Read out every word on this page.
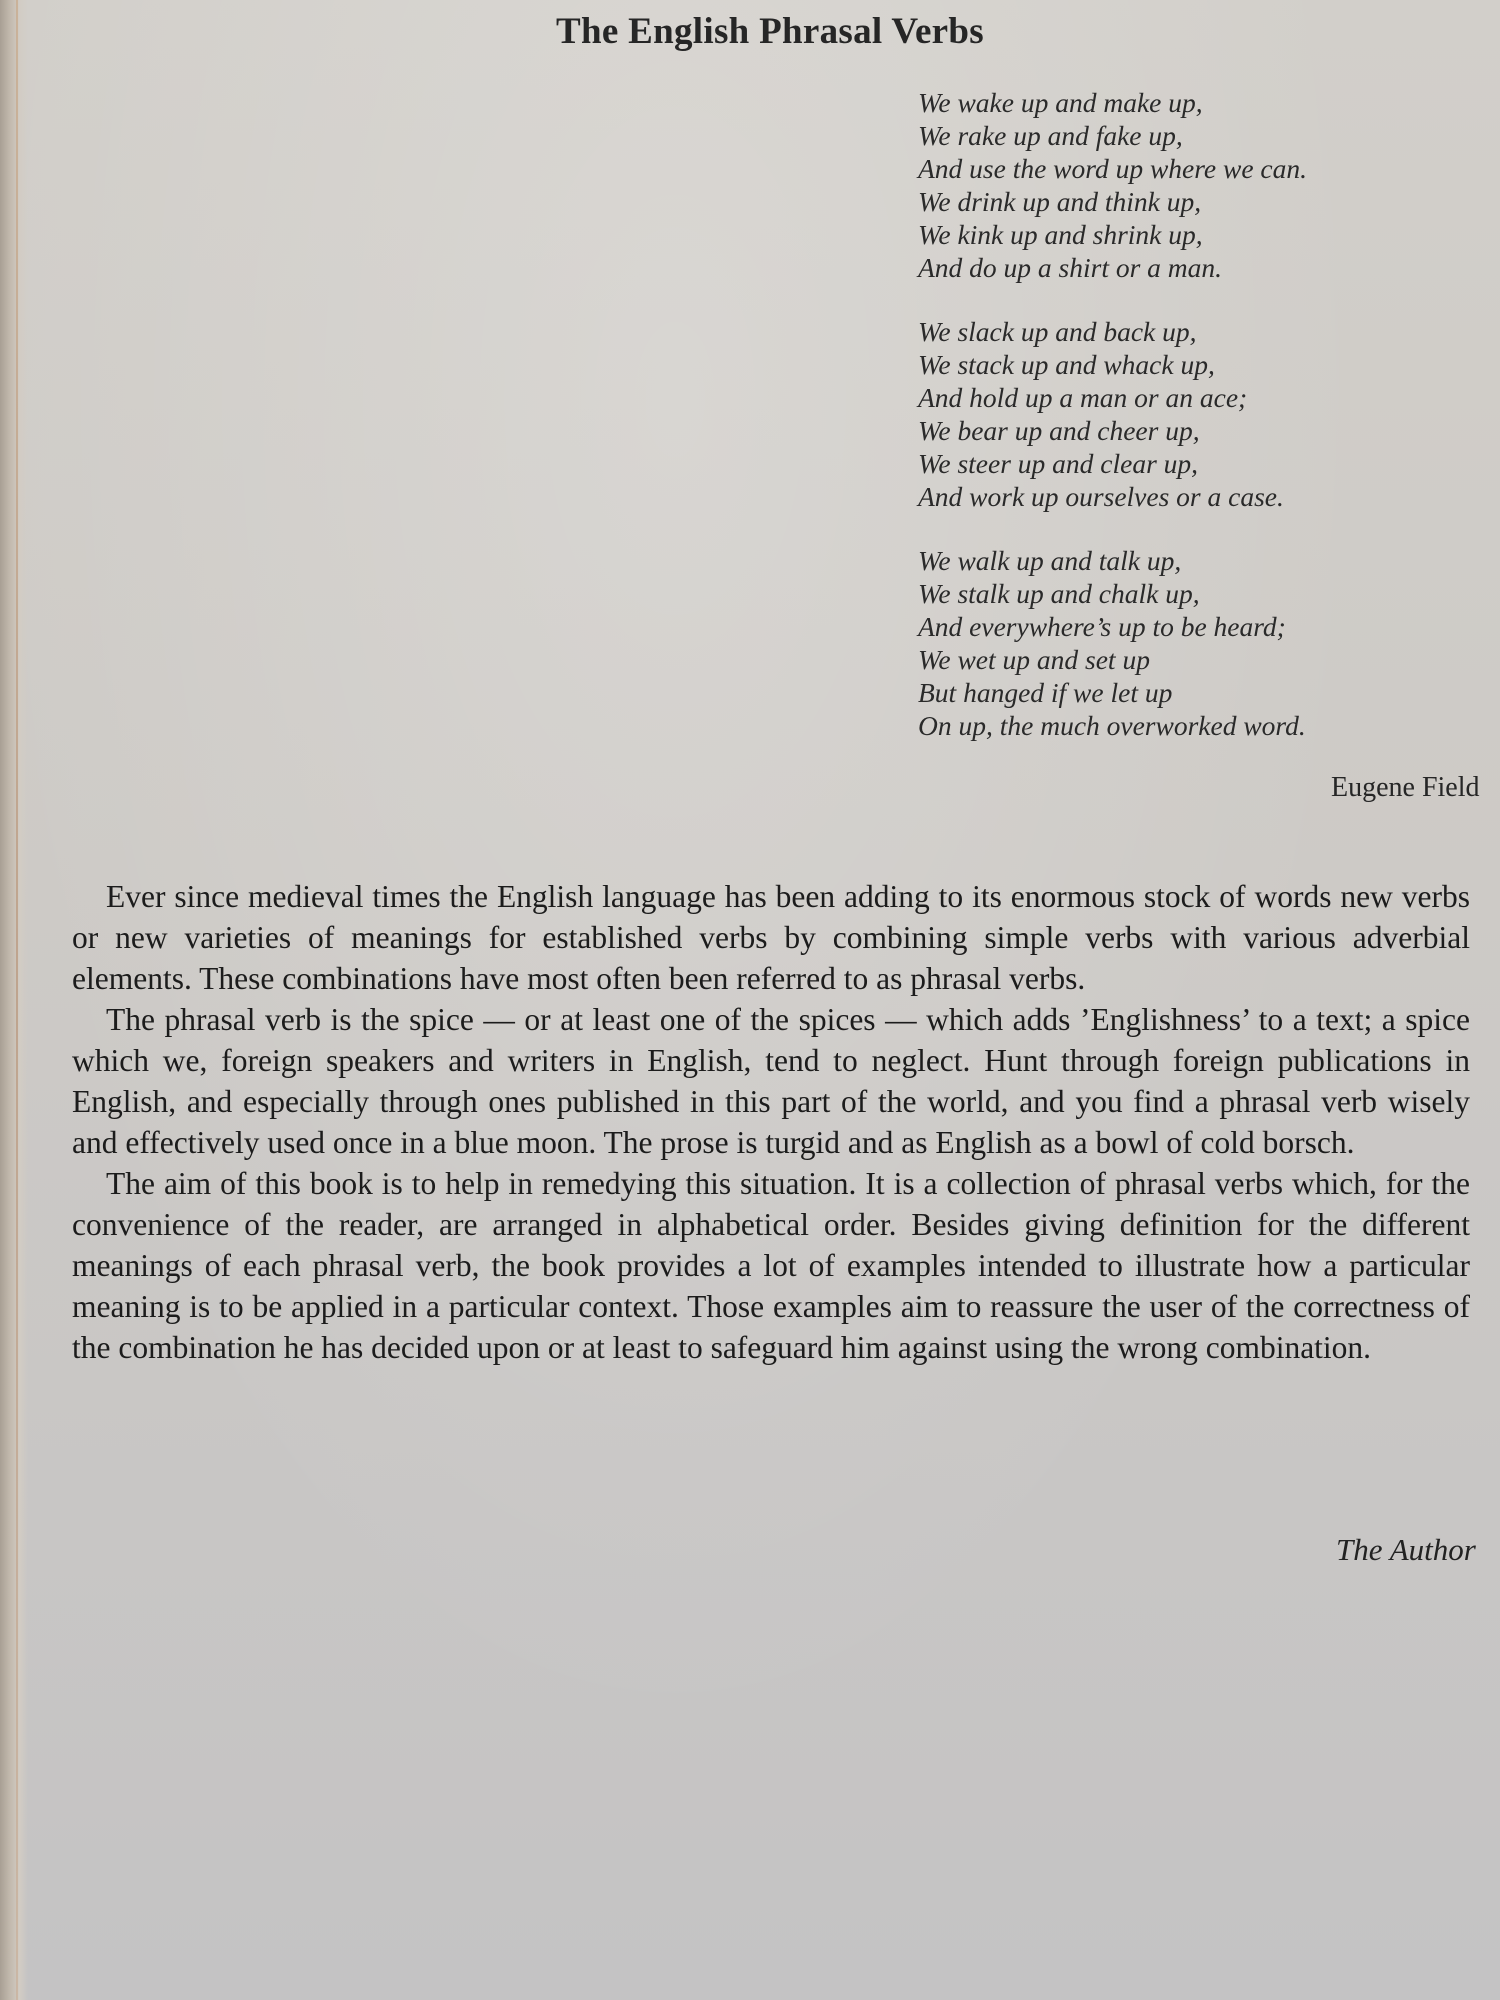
The English Phrasal Verbs
We wake up and make up,
We rake up and fake up,
And use the word up where we can.
We drink up and think up,
We kink up and shrink up,
And do up a shirt or a man.
We slack up and back up,
We stack up and whack up,
And hold up a man or an ace;
We bear up and cheer up,
We steer up and clear up,
And work up ourselves or a case.
We walk up and talk up,
We stalk up and chalk up,
And everywhere’s up to be heard;
We wet up and set up
But hanged if we let up
On up, the much overworked word.
Eugene Field

Ever since medieval times the English language has been adding to its enormous stock of words new verbs or new varieties of meanings for established verbs by combining simple verbs with various adverbial elements. These combinations have most often been referred to as phrasal verbs.

The phrasal verb is the spice — or at least one of the spices — which adds ’Englishness’ to a text; a spice which we, foreign speakers and writers in English, tend to neglect. Hunt through foreign publications in English, and especially through ones published in this part of the world, and you find a phrasal verb wisely and effectively used once in a blue moon. The prose is turgid and as English as a bowl of cold borsch.

The aim of this book is to help in remedying this situation. It is a collection of phrasal verbs which, for the convenience of the reader, are arranged in alphabetical order. Besides giving definition for the different meanings of each phrasal verb, the book provides a lot of examples intended to illustrate how a particular meaning is to be applied in a particular context. Those examples aim to reassure the user of the correctness of the combination he has decided upon or at least to safeguard him against using the wrong combination.

The Author
